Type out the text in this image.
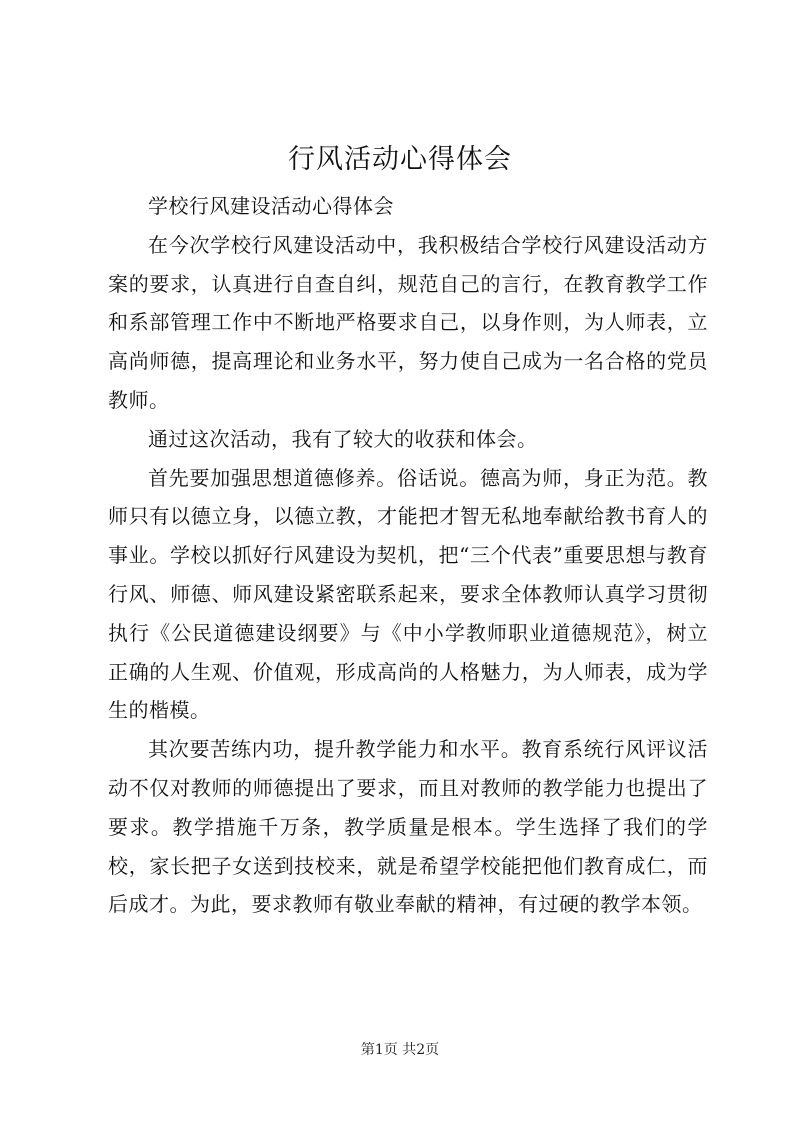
行风活动心得体会

学校行风建设活动心得体会

在今次学校行风建设活动中，我积极结合学校行风建设活动方案的要求，认真进行自查自纠，规范自己的言行，在教育教学工作和系部管理工作中不断地严格要求自己，以身作则，为人师表，立高尚师德，提高理论和业务水平，努力使自己成为一名合格的党员教师。

通过这次活动，我有了较大的收获和体会。

首先要加强思想道德修养。俗话说。德高为师，身正为范。教师只有以德立身，以德立教，才能把才智无私地奉献给教书育人的事业。学校以抓好行风建设为契机，把“三个代表”重要思想与教育行风、师德、师风建设紧密联系起来，要求全体教师认真学习贯彻执行《公民道德建设纲要》与《中小学教师职业道德规范》，树立正确的人生观、价值观，形成高尚的人格魅力，为人师表，成为学生的楷模。

其次要苦练内功，提升教学能力和水平。教育系统行风评议活动不仅对教师的师德提出了要求，而且对教师的教学能力也提出了要求。教学措施千万条，教学质量是根本。学生选择了我们的学校，家长把子女送到技校来，就是希望学校能把他们教育成仁，而后成才。为此，要求教师有敬业奉献的精神，有过硬的教学本领。

第1页 共2页
